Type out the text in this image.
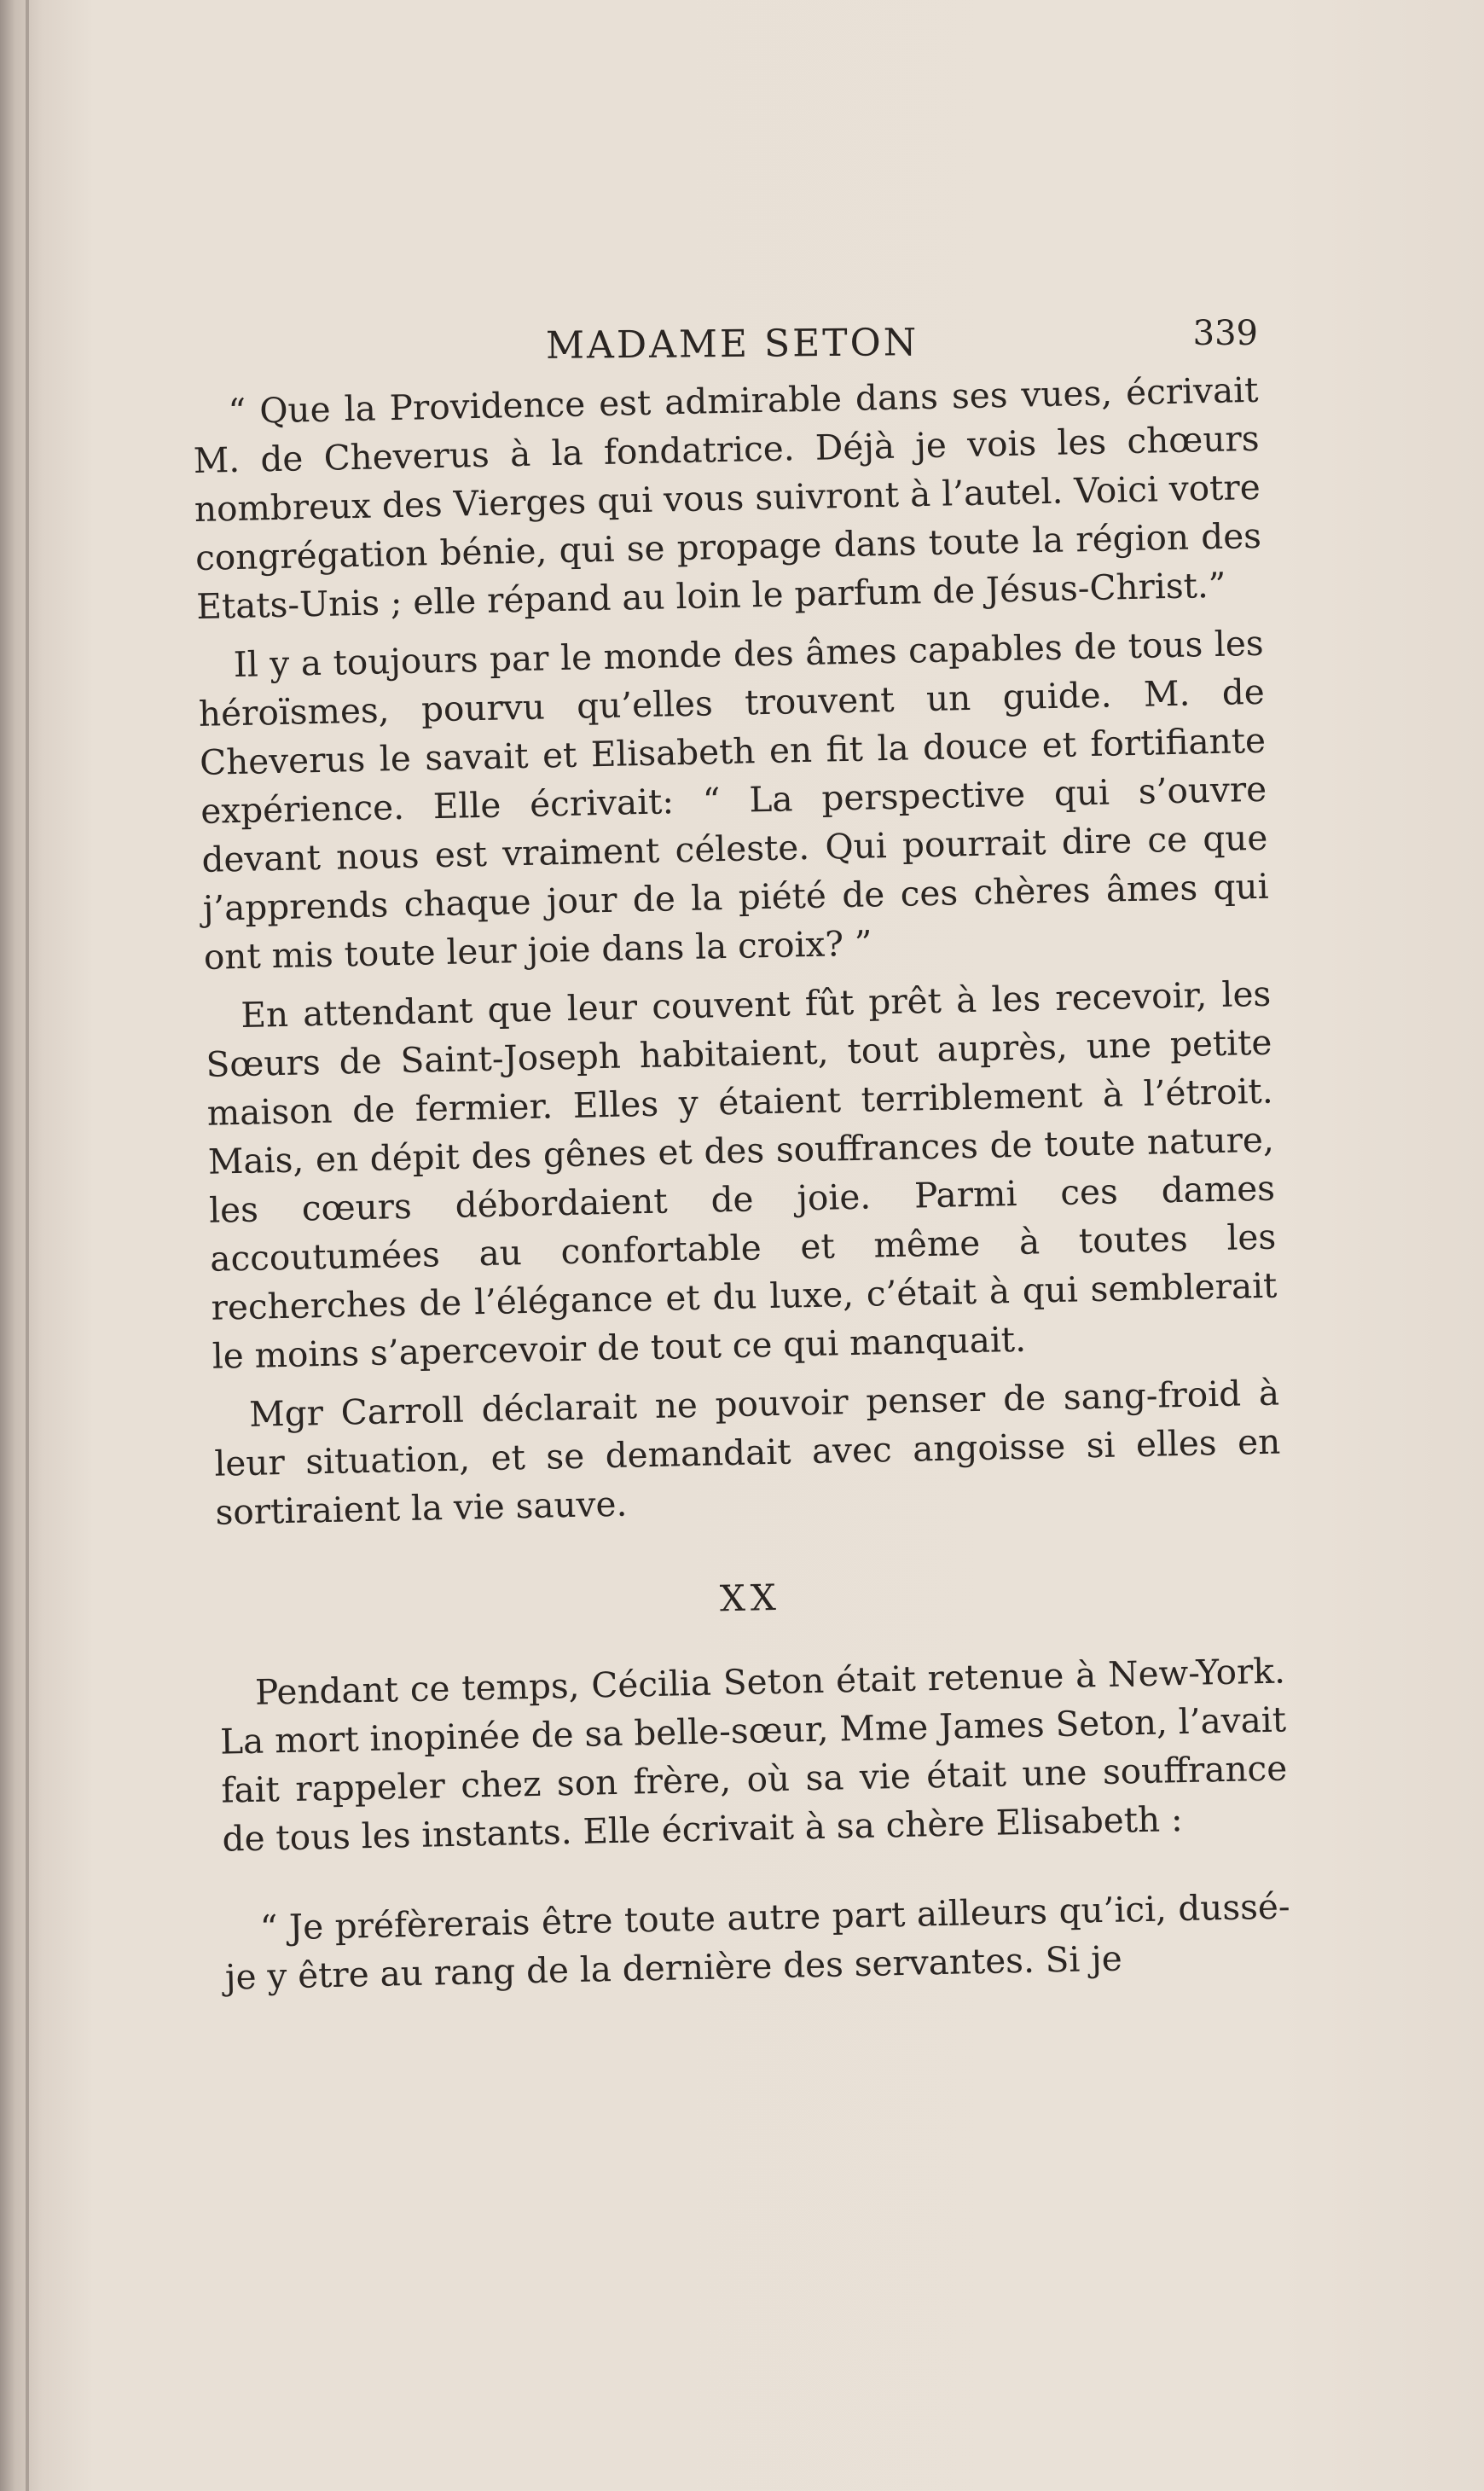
MADAME SETON	339

“ Que la Providence est admirable dans ses vues, écrivait M. de Cheverus à la fondatrice. Déjà je vois les chœurs nombreux des Vierges qui vous suivront à l’autel. Voici votre congrégation bénie, qui se propage dans toute la région des Etats-Unis ; elle répand au loin le parfum de Jésus-Christ.”

Il y a toujours par le monde des âmes capables de tous les héroïsmes, pourvu qu’elles trouvent un guide. M. de Cheverus le savait et Elisabeth en fit la douce et fortifiante expérience. Elle écrivait: “ La perspective qui s’ouvre devant nous est vraiment céleste. Qui pourrait dire ce que j’apprends chaque jour de la piété de ces chères âmes qui ont mis toute leur joie dans la croix? ”

En attendant que leur couvent fût prêt à les recevoir, les Sœurs de Saint-Joseph habitaient, tout auprès, une petite maison de fermier. Elles y étaient terriblement à l’étroit. Mais, en dépit des gênes et des souffrances de toute nature, les cœurs débordaient de joie. Parmi ces dames accoutumées au confortable et même à toutes les recherches de l’élégance et du luxe, c’était à qui semblerait le moins s’apercevoir de tout ce qui manquait.

Mgr Carroll déclarait ne pouvoir penser de sang-froid à leur situation, et se demandait avec angoisse si elles en sortiraient la vie sauve.

XX

Pendant ce temps, Cécilia Seton était retenue à New-York. La mort inopinée de sa belle-sœur, Mme James Seton, l’avait fait rappeler chez son frère, où sa vie était une souffrance de tous les instants. Elle écrivait à sa chère Elisabeth :

“ Je préfèrerais être toute autre part ailleurs qu’ici, dussé-je y être au rang de la dernière des servantes. Si je
